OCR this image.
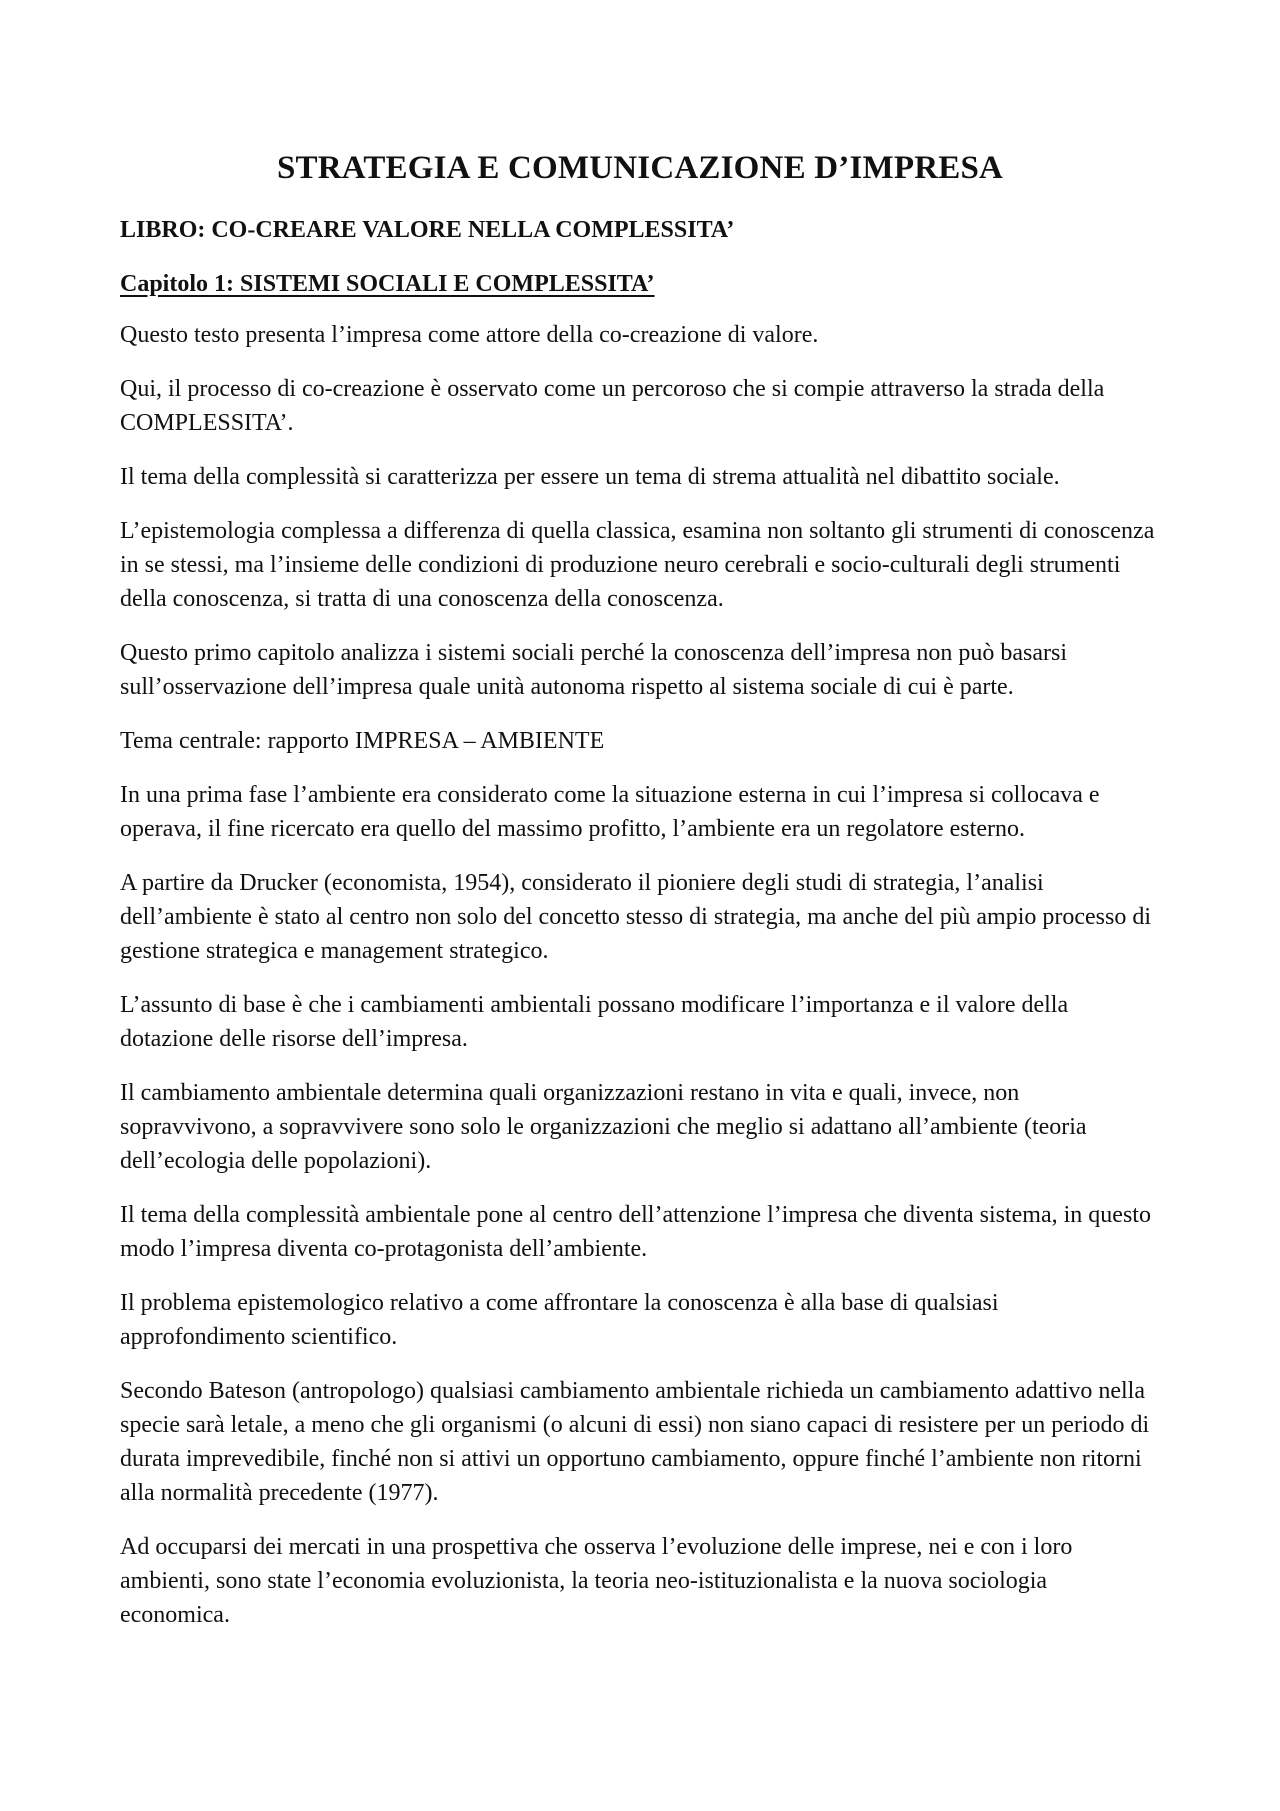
STRATEGIA E COMUNICAZIONE D’IMPRESA
LIBRO: CO-CREARE VALORE NELLA COMPLESSITA’
Capitolo 1: SISTEMI SOCIALI E COMPLESSITA’

Questo testo presenta l’impresa come attore della co-creazione di valore.

Qui, il processo di co-creazione è osservato come un percoroso che si compie attraverso la strada della COMPLESSITA’.

Il tema della complessità si caratterizza per essere un tema di strema attualità nel dibattito sociale.

L’epistemologia complessa a differenza di quella classica, esamina non soltanto gli strumenti di conoscenza in se stessi, ma l’insieme delle condizioni di produzione neuro cerebrali e socio-culturali degli strumenti della conoscenza, si tratta di una conoscenza della conoscenza.

Questo primo capitolo analizza i sistemi sociali perché la conoscenza dell’impresa non può basarsi sull’osservazione dell’impresa quale unità autonoma rispetto al sistema sociale di cui è parte.

Tema centrale: rapporto IMPRESA – AMBIENTE

In una prima fase l’ambiente era considerato come la situazione esterna in cui l’impresa si collocava e operava, il fine ricercato era quello del massimo profitto, l’ambiente era un regolatore esterno.

A partire da Drucker (economista, 1954), considerato il pioniere degli studi di strategia, l’analisi dell’ambiente è stato al centro non solo del concetto stesso di strategia, ma anche del più ampio processo di gestione strategica e management strategico.

L’assunto di base è che i cambiamenti ambientali possano modificare l’importanza e il valore della dotazione delle risorse dell’impresa.

Il cambiamento ambientale determina quali organizzazioni restano in vita e quali, invece, non sopravvivono, a sopravvivere sono solo le organizzazioni che meglio si adattano all’ambiente (teoria dell’ecologia delle popolazioni).

Il tema della complessità ambientale pone al centro dell’attenzione l’impresa che diventa sistema, in questo modo l’impresa diventa co-protagonista dell’ambiente.

Il problema epistemologico relativo a come affrontare la conoscenza è alla base di qualsiasi approfondimento scientifico.

Secondo Bateson (antropologo) qualsiasi cambiamento ambientale richieda un cambiamento adattivo nella specie sarà letale, a meno che gli organismi (o alcuni di essi) non siano capaci di resistere per un periodo di durata imprevedibile, finché non si attivi un opportuno cambiamento, oppure finché l’ambiente non ritorni alla normalità precedente (1977).

Ad occuparsi dei mercati in una prospettiva che osserva l’evoluzione delle imprese, nei e con i loro ambienti, sono state l’economia evoluzionista, la teoria neo-istituzionalista e la nuova sociologia economica.
